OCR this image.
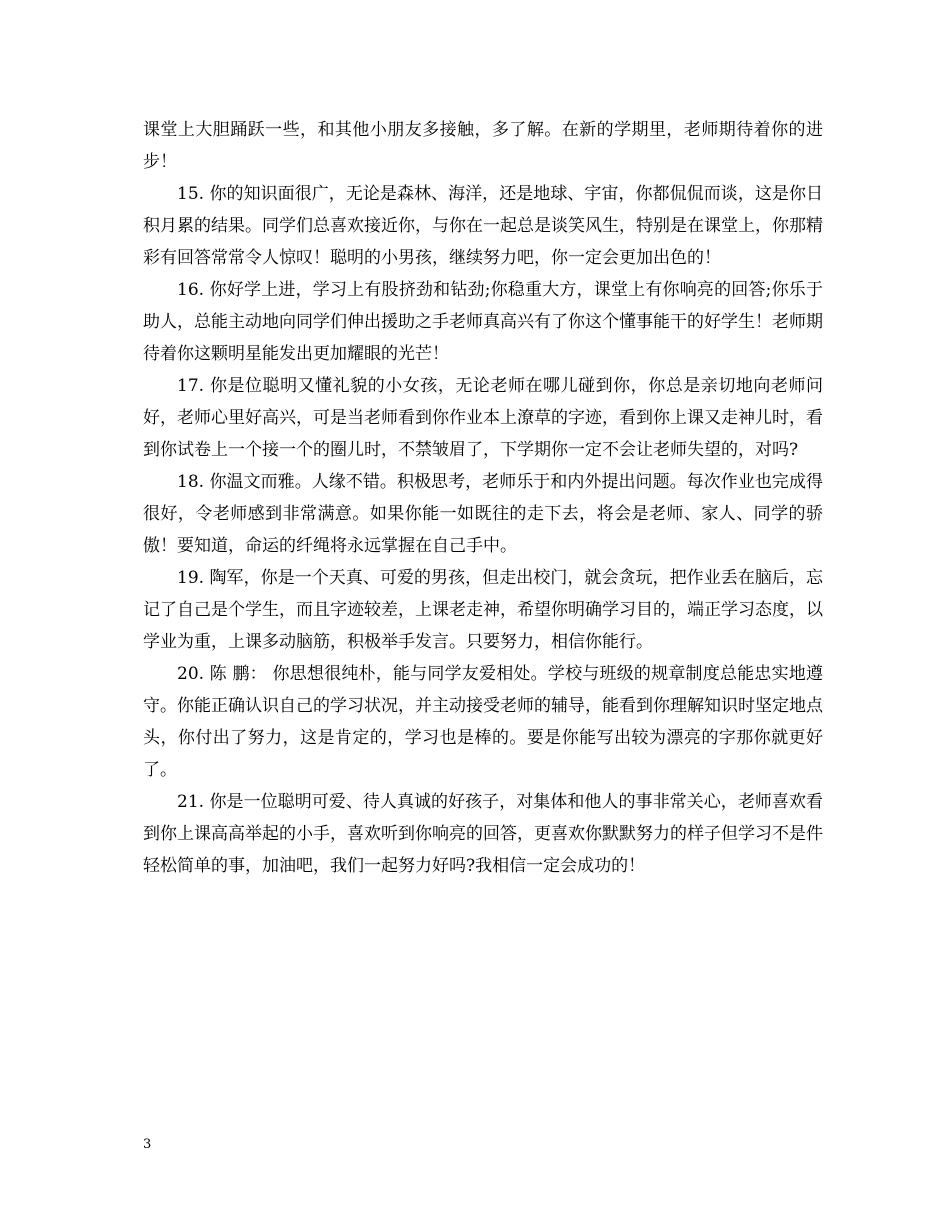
课堂上大胆踊跃一些，和其他小朋友多接触，多了解。在新的学期里，老师期待着你的进步！

15. 你的知识面很广，无论是森林、海洋，还是地球、宇宙，你都侃侃而谈，这是你日积月累的结果。同学们总喜欢接近你，与你在一起总是谈笑风生，特别是在课堂上，你那精彩有回答常常令人惊叹！聪明的小男孩，继续努力吧，你一定会更加出色的！

16. 你好学上进，学习上有股挤劲和钻劲;你稳重大方，课堂上有你响亮的回答;你乐于助人，总能主动地向同学们伸出援助之手老师真高兴有了你这个懂事能干的好学生！老师期待着你这颗明星能发出更加耀眼的光芒！

17. 你是位聪明又懂礼貌的小女孩，无论老师在哪儿碰到你，你总是亲切地向老师问好，老师心里好高兴，可是当老师看到你作业本上潦草的字迹，看到你上课又走神儿时，看到你试卷上一个接一个的圈儿时，不禁皱眉了，下学期你一定不会让老师失望的，对吗?

18. 你温文而雅。人缘不错。积极思考，老师乐于和内外提出问题。每次作业也完成得很好，令老师感到非常满意。如果你能一如既往的走下去，将会是老师、家人、同学的骄傲！要知道，命运的纤绳将永远掌握在自己手中。

19. 陶军，你是一个天真、可爱的男孩，但走出校门，就会贪玩，把作业丢在脑后，忘记了自己是个学生，而且字迹较差，上课老走神，希望你明确学习目的，端正学习态度，以学业为重，上课多动脑筋，积极举手发言。只要努力，相信你能行。

20. 陈 鹏： 你思想很纯朴，能与同学友爱相处。学校与班级的规章制度总能忠实地遵守。你能正确认识自己的学习状况，并主动接受老师的辅导，能看到你理解知识时坚定地点头，你付出了努力，这是肯定的，学习也是棒的。要是你能写出较为漂亮的字那你就更好了。

21. 你是一位聪明可爱、待人真诚的好孩子，对集体和他人的事非常关心，老师喜欢看到你上课高高举起的小手，喜欢听到你响亮的回答，更喜欢你默默努力的样子但学习不是件轻松简单的事，加油吧，我们一起努力好吗?我相信一定会成功的！

3
